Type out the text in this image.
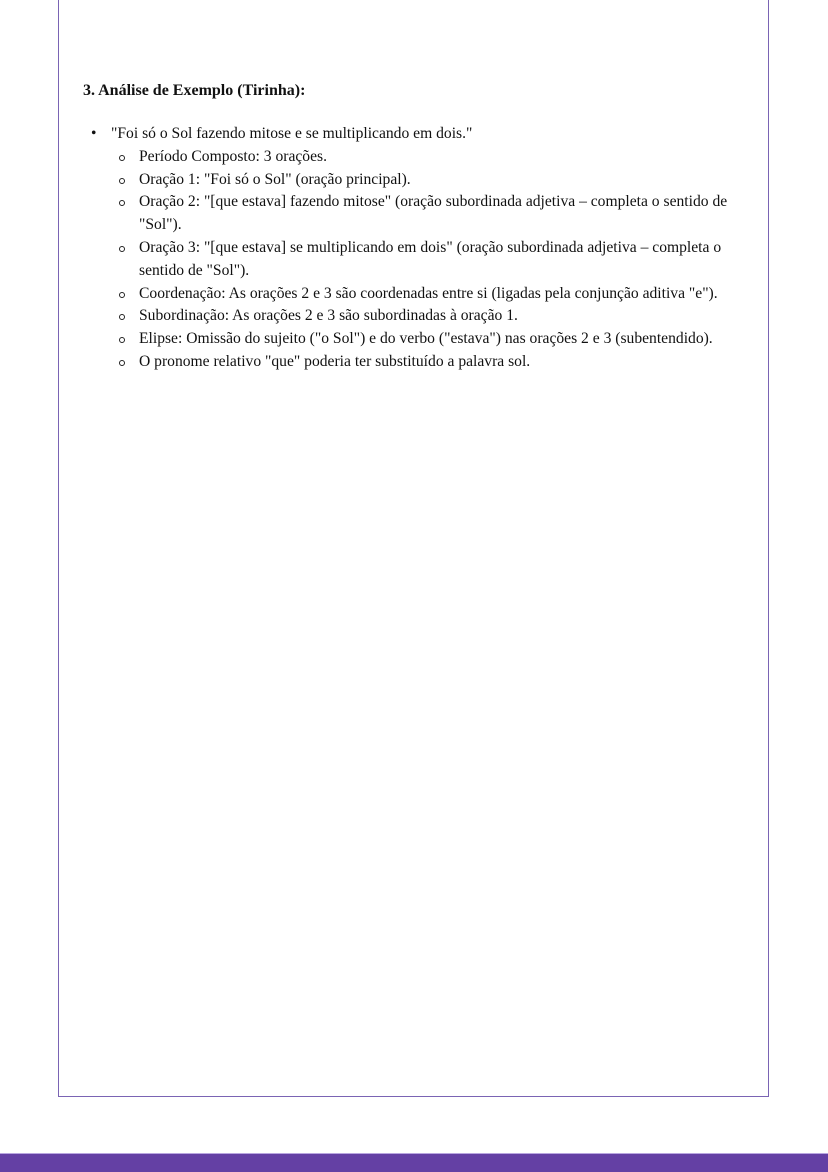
3. Análise de Exemplo (Tirinha):
• "Foi só o Sol fazendo mitose e se multiplicando em dois."
Período Composto: 3 orações.
Oração 1: "Foi só o Sol" (oração principal).
Oração 2: "[que estava] fazendo mitose" (oração subordinada adjetiva – completa o sentido de "Sol").
Oração 3: "[que estava] se multiplicando em dois" (oração subordinada adjetiva – completa o sentido de "Sol").
Coordenação: As orações 2 e 3 são coordenadas entre si (ligadas pela conjunção aditiva "e").
Subordinação: As orações 2 e 3 são subordinadas à oração 1.
Elipse: Omissão do sujeito ("o Sol") e do verbo ("estava") nas orações 2 e 3 (subentendido).
O pronome relativo "que" poderia ter substituído a palavra sol.
